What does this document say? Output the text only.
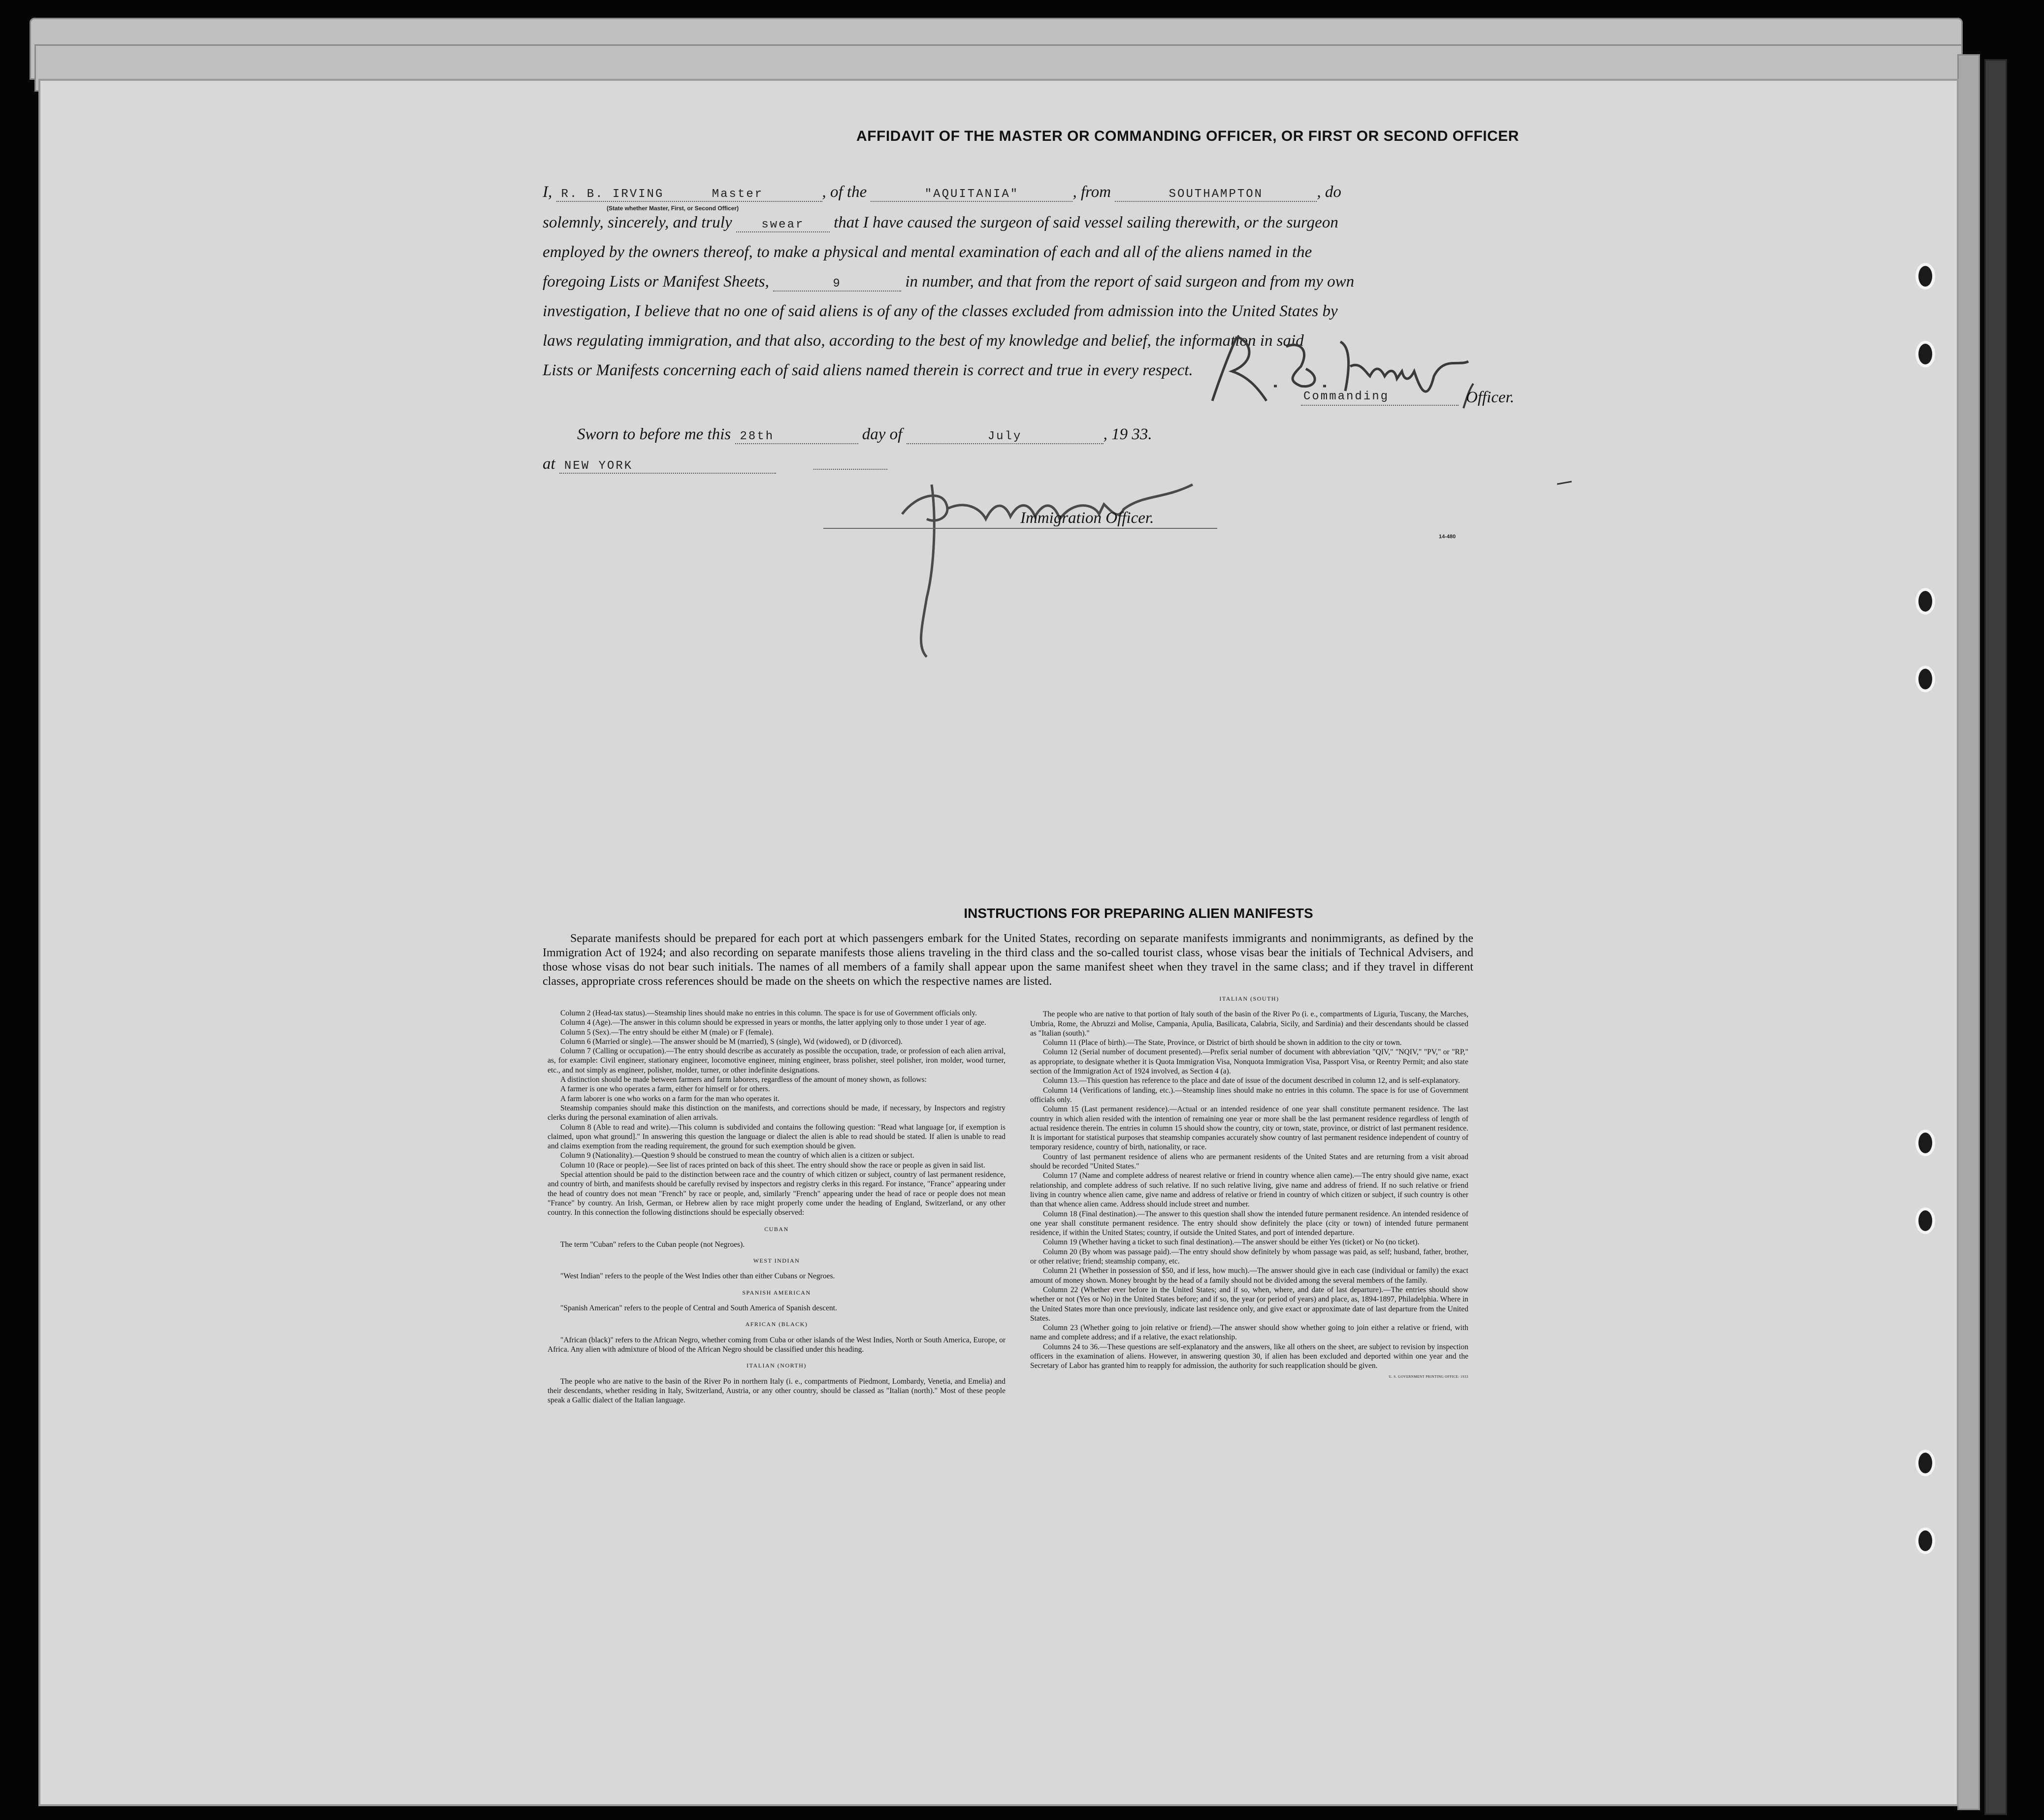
AFFIDAVIT OF THE MASTER OR COMMANDING OFFICER, OR FIRST OR SECOND OFFICER
I, R. B. IRVING	Master	, of the	"AQUITANIA"	, from	SOUTHAMPTON	, do
(State whether Master, First, or Second Officer)
solemnly, sincerely, and truly swear that I have caused the surgeon of said vessel sailing therewith, or the surgeon
employed by the owners thereof, to make a physical and mental examination of each and all of the aliens named in the
foregoing Lists or Manifest Sheets,	9	in number, and that from the report of said surgeon and from my own
investigation, I believe that no one of said aliens is of any of the classes excluded from admission into the United States by
laws regulating immigration, and that also, according to the best of my knowledge and belief, the information in said
Lists or Manifests concerning each of said aliens named therein is correct and true in every respect.
Commanding	Officer.
Sworn to before me this 28th	day of	July	, 19 33.
at NEW YORK
Immigration Officer.
14-480
INSTRUCTIONS FOR PREPARING ALIEN MANIFESTS
Separate manifests should be prepared for each port at which passengers embark for the United States, recording on separate manifests immigrants and nonimmigrants, as defined by the Immigration Act of 1924; and also recording on separate manifests those aliens traveling in the third class and the so-called tourist class, whose visas bear the initials of Technical Advisers, and those whose visas do not bear such initials. The names of all members of a family shall appear upon the same manifest sheet when they travel in the same class; and if they travel in different classes, appropriate cross references should be made on the sheets on which the respective names are listed.

Column 2 (Head-tax status).—Steamship lines should make no entries in this column. The space is for use of Government officials only.

Column 4 (Age).—The answer in this column should be expressed in years or months, the latter applying only to those under 1 year of age.

Column 5 (Sex).—The entry should be either M (male) or F (female).

Column 6 (Married or single).—The answer should be M (married), S (single), Wd (widowed), or D (divorced).

Column 7 (Calling or occupation).—The entry should describe as accurately as possible the occupation, trade, or profession of each alien arrival, as, for example: Civil engineer, stationary engineer, locomotive engineer, mining engineer, brass polisher, steel polisher, iron molder, wood turner, etc., and not simply as engineer, polisher, molder, turner, or other indefinite designations.

A distinction should be made between farmers and farm laborers, regardless of the amount of money shown, as follows:

A farmer is one who operates a farm, either for himself or for others.

A farm laborer is one who works on a farm for the man who operates it.

Steamship companies should make this distinction on the manifests, and corrections should be made, if necessary, by Inspectors and registry clerks during the personal examination of alien arrivals.

Column 8 (Able to read and write).—This column is subdivided and contains the following question: "Read what language [or, if exemption is claimed, upon what ground]." In answering this question the language or dialect the alien is able to read should be stated. If alien is unable to read and claims exemption from the reading requirement, the ground for such exemption should be given.

Column 9 (Nationality).—Question 9 should be construed to mean the country of which alien is a citizen or subject.

Column 10 (Race or people).—See list of races printed on back of this sheet. The entry should show the race or people as given in said list.

Special attention should be paid to the distinction between race and the country of which citizen or subject, country of last permanent residence, and country of birth, and manifests should be carefully revised by inspectors and registry clerks in this regard. For instance, "France" appearing under the head of country does not mean "French" by race or people, and, similarly "French" appearing under the head of race or people does not mean "France" by country. An Irish, German, or Hebrew alien by race might properly come under the heading of England, Switzerland, or any other country. In this connection the following distinctions should be especially observed:

CUBAN

The term "Cuban" refers to the Cuban people (not Negroes).

WEST INDIAN

"West Indian" refers to the people of the West Indies other than either Cubans or Negroes.

SPANISH AMERICAN

"Spanish American" refers to the people of Central and South America of Spanish descent.

AFRICAN (BLACK)

"African (black)" refers to the African Negro, whether coming from Cuba or other islands of the West Indies, North or South America, Europe, or Africa. Any alien with admixture of blood of the African Negro should be classified under this heading.

ITALIAN (NORTH)

The people who are native to the basin of the River Po in northern Italy (i. e., compartments of Piedmont, Lombardy, Venetia, and Emelia) and their descendants, whether residing in Italy, Switzerland, Austria, or any other country, should be classed as "Italian (north)." Most of these people speak a Gallic dialect of the Italian language.

ITALIAN (SOUTH)

The people who are native to that portion of Italy south of the basin of the River Po (i. e., compartments of Liguria, Tuscany, the Marches, Umbria, Rome, the Abruzzi and Molise, Campania, Apulia, Basilicata, Calabria, Sicily, and Sardinia) and their descendants should be classed as "Italian (south)."

Column 11 (Place of birth).—The State, Province, or District of birth should be shown in addition to the city or town.

Column 12 (Serial number of document presented).—Prefix serial number of document with abbreviation "QIV," "NQIV," "PV," or "RP," as appropriate, to designate whether it is Quota Immigration Visa, Nonquota Immigration Visa, Passport Visa, or Reentry Permit; and also state section of the Immigration Act of 1924 involved, as Section 4 (a).

Column 13.—This question has reference to the place and date of issue of the document described in column 12, and is self-explanatory.

Column 14 (Verifications of landing, etc.).—Steamship lines should make no entries in this column. The space is for use of Government officials only.

Column 15 (Last permanent residence).—Actual or an intended residence of one year shall constitute permanent residence. The last country in which alien resided with the intention of remaining one year or more shall be the last permanent residence regardless of length of actual residence therein. The entries in column 15 should show the country, city or town, state, province, or district of last permanent residence. It is important for statistical purposes that steamship companies accurately show country of last permanent residence independent of country of temporary residence, country of birth, nationality, or race.

Country of last permanent residence of aliens who are permanent residents of the United States and are returning from a visit abroad should be recorded "United States."

Column 17 (Name and complete address of nearest relative or friend in country whence alien came).—The entry should give name, exact relationship, and complete address of such relative. If no such relative living, give name and address of friend. If no such relative or friend living in country whence alien came, give name and address of relative or friend in country of which citizen or subject, if such country is other than that whence alien came. Address should include street and number.

Column 18 (Final destination).—The answer to this question shall show the intended future permanent residence. An intended residence of one year shall constitute permanent residence. The entry should show definitely the place (city or town) of intended future permanent residence, if within the United States; country, if outside the United States, and port of intended departure.

Column 19 (Whether having a ticket to such final destination).—The answer should be either Yes (ticket) or No (no ticket).

Column 20 (By whom was passage paid).—The entry should show definitely by whom passage was paid, as self; husband, father, brother, or other relative; friend; steamship company, etc.

Column 21 (Whether in possession of $50, and if less, how much).—The answer should give in each case (individual or family) the exact amount of money shown. Money brought by the head of a family should not be divided among the several members of the family.

Column 22 (Whether ever before in the United States; and if so, when, where, and date of last departure).—The entries should show whether or not (Yes or No) in the United States before; and if so, the year (or period of years) and place, as, 1894-1897, Philadelphia. Where in the United States more than once previously, indicate last residence only, and give exact or approximate date of last departure from the United States.

Column 23 (Whether going to join relative or friend).—The answer should show whether going to join either a relative or friend, with name and complete address; and if a relative, the exact relationship.

Columns 24 to 36.—These questions are self-explanatory and the answers, like all others on the sheet, are subject to revision by inspection officers in the examination of aliens. However, in answering question 30, if alien has been excluded and deported within one year and the Secretary of Labor has granted him to reapply for admission, the authority for such reapplication should be given.

U. S. GOVERNMENT PRINTING OFFICE: 1933
